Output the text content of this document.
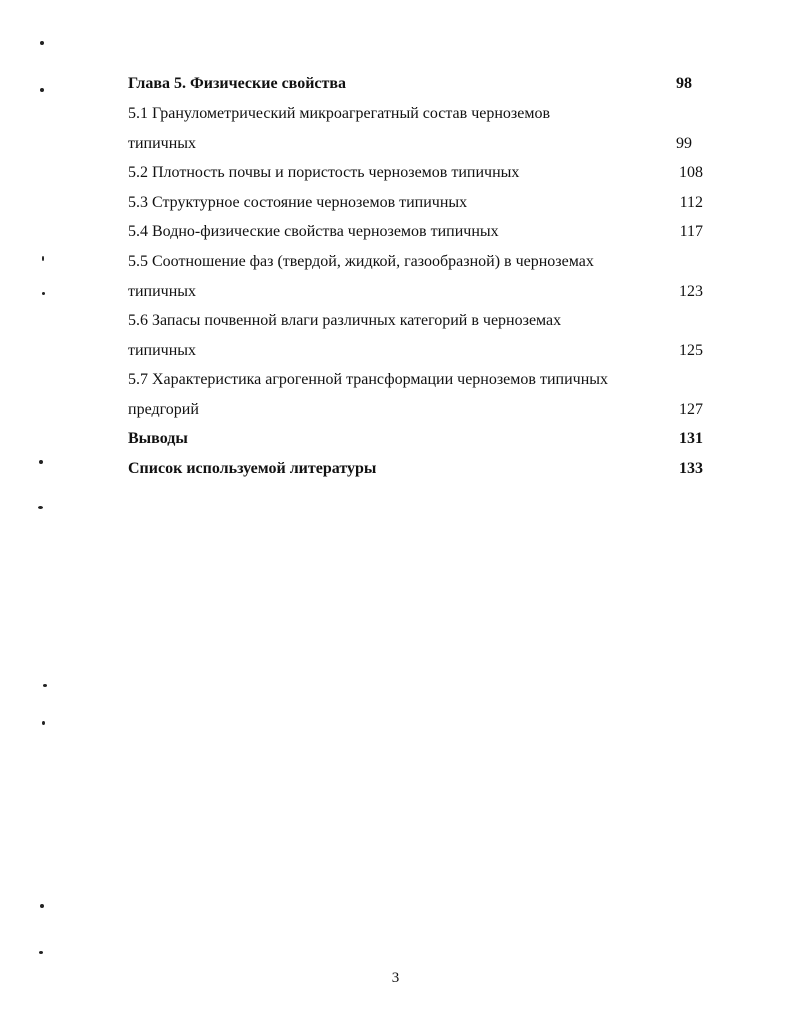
Глава 5. Физические свойства	98
5.1 Гранулометрический микроагрегатный состав черноземов
типичных	99
5.2 Плотность почвы и пористость черноземов типичных	108
5.3 Структурное состояние черноземов типичных	112
5.4 Водно-физические свойства черноземов типичных	117
5.5 Соотношение фаз (твердой, жидкой, газообразной) в черноземах
типичных	123
5.6 Запасы почвенной влаги различных категорий в черноземах
типичных	125
5.7 Характеристика агрогенной трансформации черноземов типичных
предгорий	127
Выводы	131
Список используемой литературы	133
3
